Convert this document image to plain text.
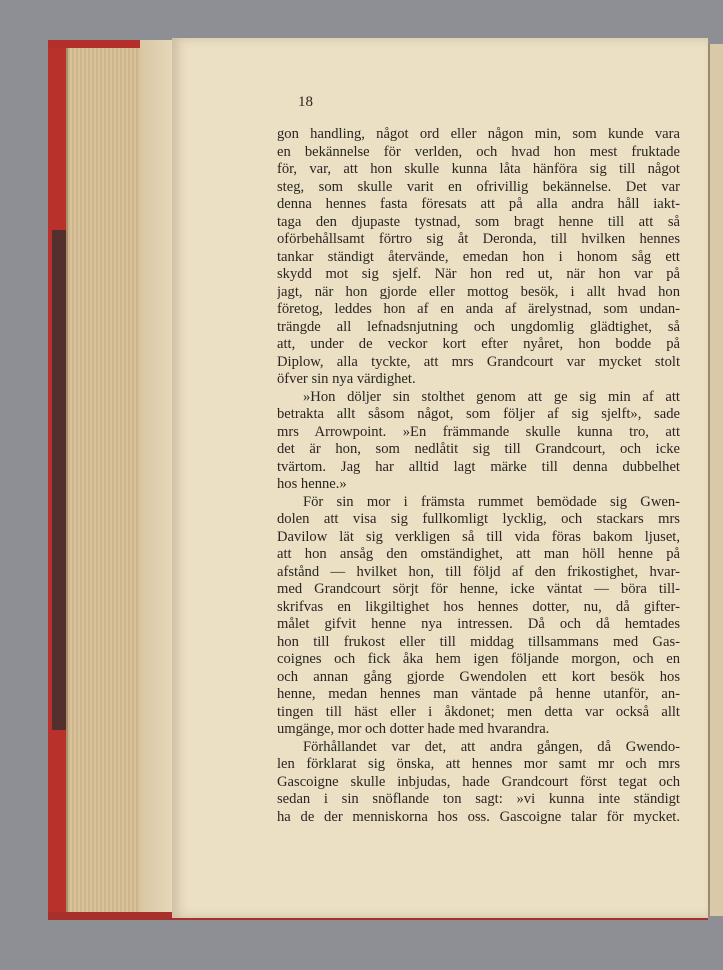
18
gon handling, något ord eller någon min, som kunde vara
en bekännelse för verlden, och hvad hon mest fruktade
för, var, att hon skulle kunna låta hänföra sig till något
steg, som skulle varit en ofrivillig bekännelse. Det var
denna hennes fasta föresats att på alla andra håll iakt-
taga den djupaste tystnad, som bragt henne till att så
oförbehållsamt förtro sig åt Deronda, till hvilken hennes
tankar ständigt återvände, emedan hon i honom såg ett
skydd mot sig sjelf. När hon red ut, när hon var på
jagt, när hon gjorde eller mottog besök, i allt hvad hon
företog, leddes hon af en anda af ärelystnad, som undan-
trängde all lefnadsnjutning och ungdomlig glädtighet, så
att, under de veckor kort efter nyåret, hon bodde på
Diplow, alla tyckte, att mrs Grandcourt var mycket stolt
öfver sin nya värdighet.
»Hon döljer sin stolthet genom att ge sig min af att
betrakta allt såsom något, som följer af sig sjelft», sade
mrs Arrowpoint. »En främmande skulle kunna tro, att
det är hon, som nedlåtit sig till Grandcourt, och icke
tvärtom. Jag har alltid lagt märke till denna dubbelhet
hos henne.»
För sin mor i främsta rummet bemödade sig Gwen-
dolen att visa sig fullkomligt lycklig, och stackars mrs
Davilow lät sig verkligen så till vida föras bakom ljuset,
att hon ansåg den omständighet, att man höll henne på
afstånd — hvilket hon, till följd af den frikostighet, hvar-
med Grandcourt sörjt för henne, icke väntat — böra till-
skrifvas en likgiltighet hos hennes dotter, nu, då gifter-
målet gifvit henne nya intressen. Då och då hemtades
hon till frukost eller till middag tillsammans med Gas-
coignes och fick åka hem igen följande morgon, och en
och annan gång gjorde Gwendolen ett kort besök hos
henne, medan hennes man väntade på henne utanför, an-
tingen till häst eller i åkdonet; men detta var också allt
umgänge, mor och dotter hade med hvarandra.
Förhållandet var det, att andra gången, då Gwendo-
len förklarat sig önska, att hennes mor samt mr och mrs
Gascoigne skulle inbjudas, hade Grandcourt först tegat och
sedan i sin snöflande ton sagt: »vi kunna inte ständigt
ha de der menniskorna hos oss. Gascoigne talar för mycket.
